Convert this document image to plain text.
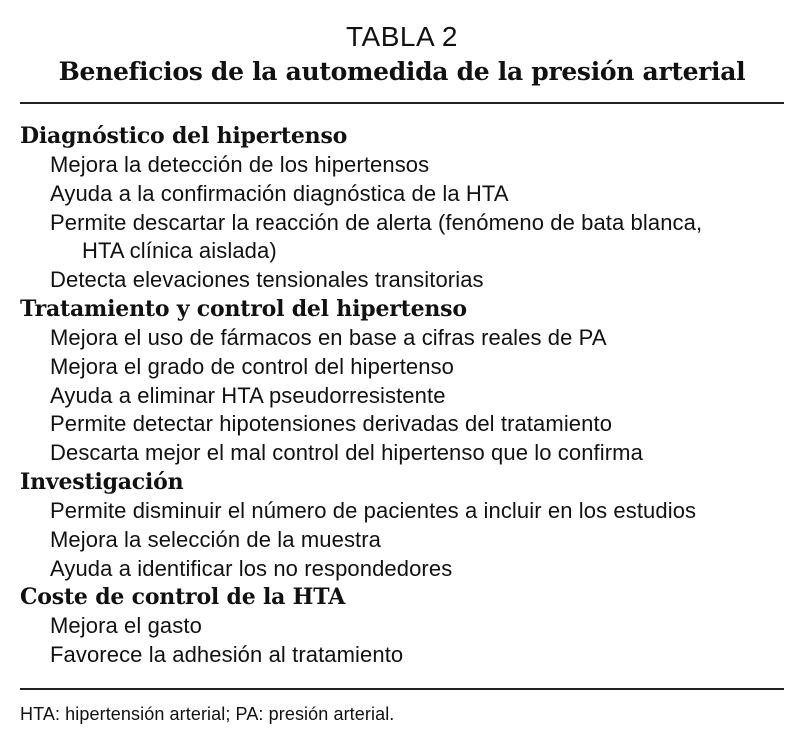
TABLA 2

Beneficios de la automedida de la presión arterial

Diagnóstico del hipertenso

Mejora la detección de los hipertensos

Ayuda a la confirmación diagnóstica de la HTA

Permite descartar la reacción de alerta (fenómeno de bata blanca,
HTA clínica aislada)

Detecta elevaciones tensionales transitorias

Tratamiento y control del hipertenso

Mejora el uso de fármacos en base a cifras reales de PA

Mejora el grado de control del hipertenso

Ayuda a eliminar HTA pseudorresistente

Permite detectar hipotensiones derivadas del tratamiento

Descarta mejor el mal control del hipertenso que lo confirma

Investigación

Permite disminuir el número de pacientes a incluir en los estudios

Mejora la selección de la muestra

Ayuda a identificar los no respondedores

Coste de control de la HTA

Mejora el gasto

Favorece la adhesión al tratamiento

HTA: hipertensión arterial; PA: presión arterial.
